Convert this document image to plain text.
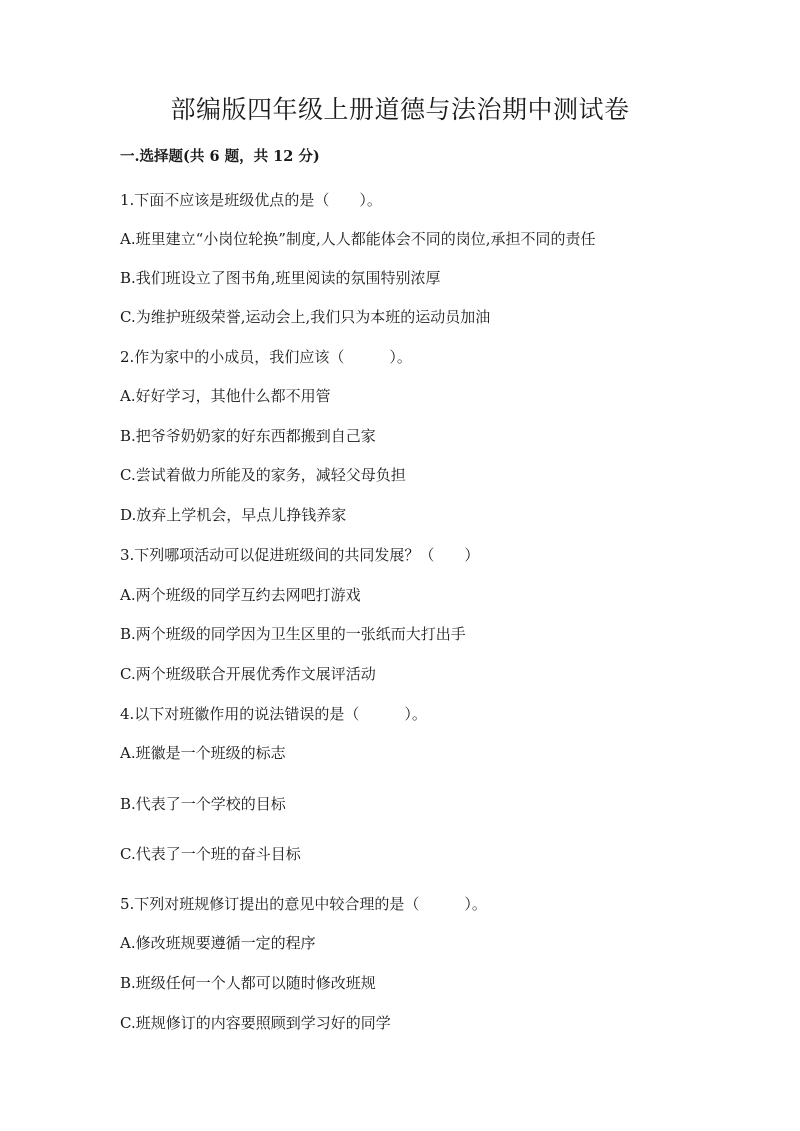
部编版四年级上册道德与法治期中测试卷
一.选择题(共 6 题，共 12 分)
1.下面不应该是班级优点的是（　　）。
A.班里建立“小岗位轮换”制度,人人都能体会不同的岗位,承担不同的责任
B.我们班设立了图书角,班里阅读的氛围特别浓厚
C.为维护班级荣誉,运动会上,我们只为本班的运动员加油
2.作为家中的小成员，我们应该（　　　）。
A.好好学习，其他什么都不用管
B.把爷爷奶奶家的好东西都搬到自己家
C.尝试着做力所能及的家务，减轻父母负担
D.放弃上学机会，早点儿挣钱养家
3.下列哪项活动可以促进班级间的共同发展？（　　）
A.两个班级的同学互约去网吧打游戏
B.两个班级的同学因为卫生区里的一张纸而大打出手
C.两个班级联合开展优秀作文展评活动
4.以下对班徽作用的说法错误的是（　　　）。
A.班徽是一个班级的标志
B.代表了一个学校的目标
C.代表了一个班的奋斗目标
5.下列对班规修订提出的意见中较合理的是（　　　）。
A.修改班规要遵循一定的程序
B.班级任何一个人都可以随时修改班规
C.班规修订的内容要照顾到学习好的同学
